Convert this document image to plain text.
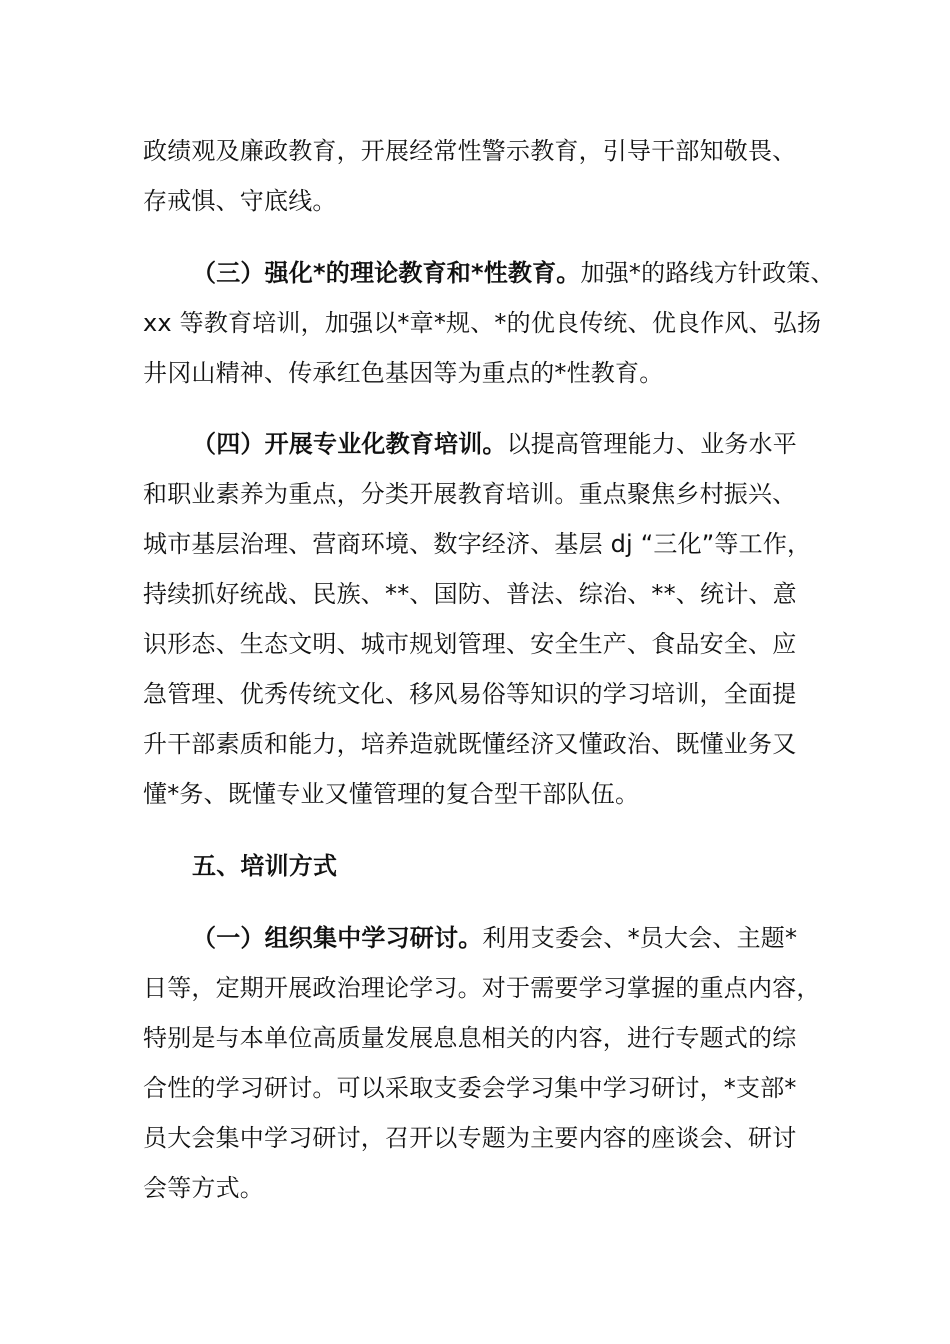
政绩观及廉政教育，开展经常性警示教育，引导干部知敬畏、
存戒惧、守底线。
（三）强化*的理论教育和*性教育。加强*的路线方针政策、
xx 等教育培训，加强以*章*规、*的优良传统、优良作风、弘扬
井冈山精神、传承红色基因等为重点的*性教育。
（四）开展专业化教育培训。以提高管理能力、业务水平
和职业素养为重点，分类开展教育培训。重点聚焦乡村振兴、
城市基层治理、营商环境、数字经济、基层 dj “三化”等工作，
持续抓好统战、民族、**、国防、普法、综治、**、统计、意
识形态、生态文明、城市规划管理、安全生产、食品安全、应
急管理、优秀传统文化、移风易俗等知识的学习培训，全面提
升干部素质和能力，培养造就既懂经济又懂政治、既懂业务又
懂*务、既懂专业又懂管理的复合型干部队伍。
五、培训方式
（一）组织集中学习研讨。利用支委会、*员大会、主题*
日等，定期开展政治理论学习。对于需要学习掌握的重点内容，
特别是与本单位高质量发展息息相关的内容，进行专题式的综
合性的学习研讨。可以采取支委会学习集中学习研讨，*支部*
员大会集中学习研讨，召开以专题为主要内容的座谈会、研讨
会等方式。
